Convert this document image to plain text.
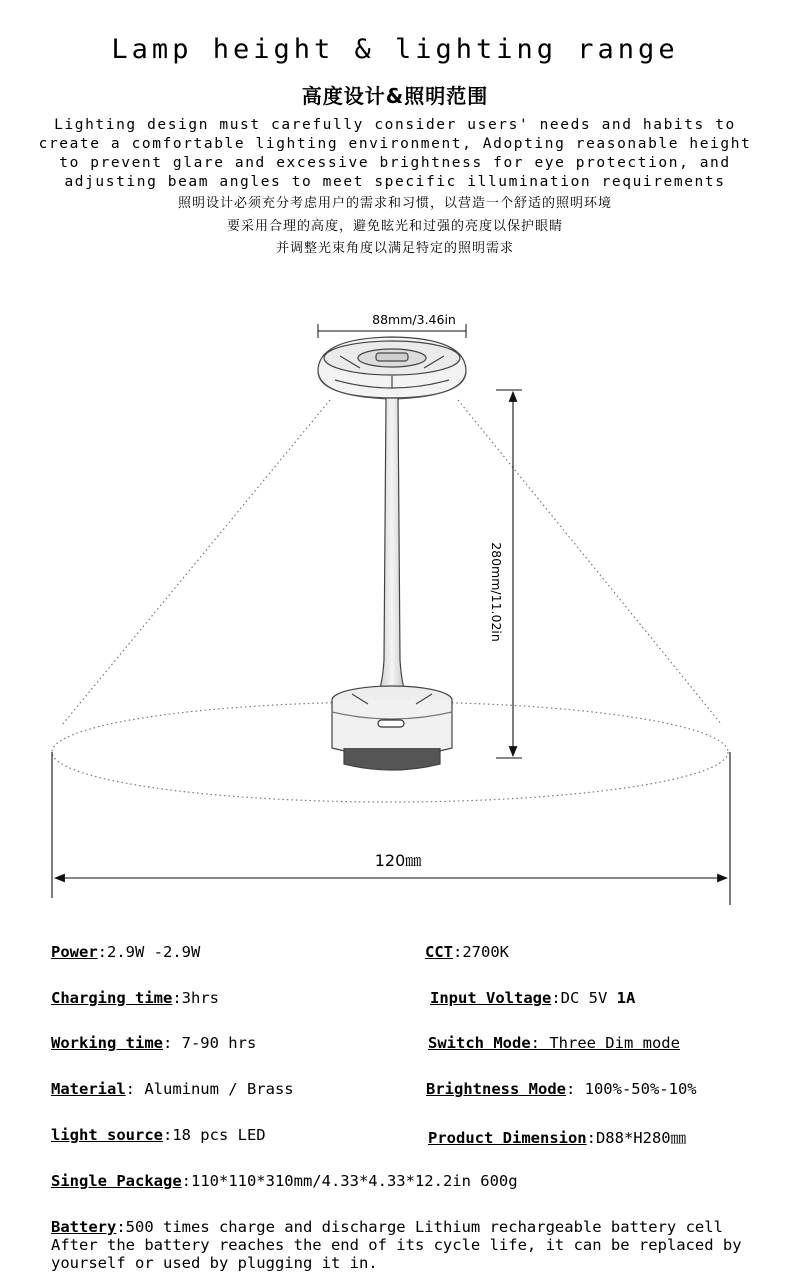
Lamp height & lighting range
高度设计&照明范围
Lighting design must carefully consider users' needs and habits to
create a comfortable lighting environment, Adopting reasonable height
to prevent glare and excessive brightness for eye protection, and
adjusting beam angles to meet specific illumination requirements
照明设计必须充分考虑用户的需求和习惯，以营造一个舒适的照明环境
要采用合理的高度，避免眩光和过强的亮度以保护眼睛
并调整光束角度以满足特定的照明需求
88mm/3.46in
280mm/11.02in
120㎜
Power:2.9W -2.9W	CCT:2700K
Charging time:3hrs	Input Voltage:DC 5V 1A
Working time: 7-90 hrs	Switch Mode: Three Dim mode
Material: Aluminum / Brass	Brightness Mode: 100%-50%-10%
light source:18 pcs LED	Product Dimension:D88*H280㎜
Single Package:110*110*310mm/4.33*4.33*12.2in 600g
Battery:500 times charge and discharge Lithium rechargeable battery cell
After the battery reaches the end of its cycle life, it can be replaced by
yourself or used by plugging it in.
